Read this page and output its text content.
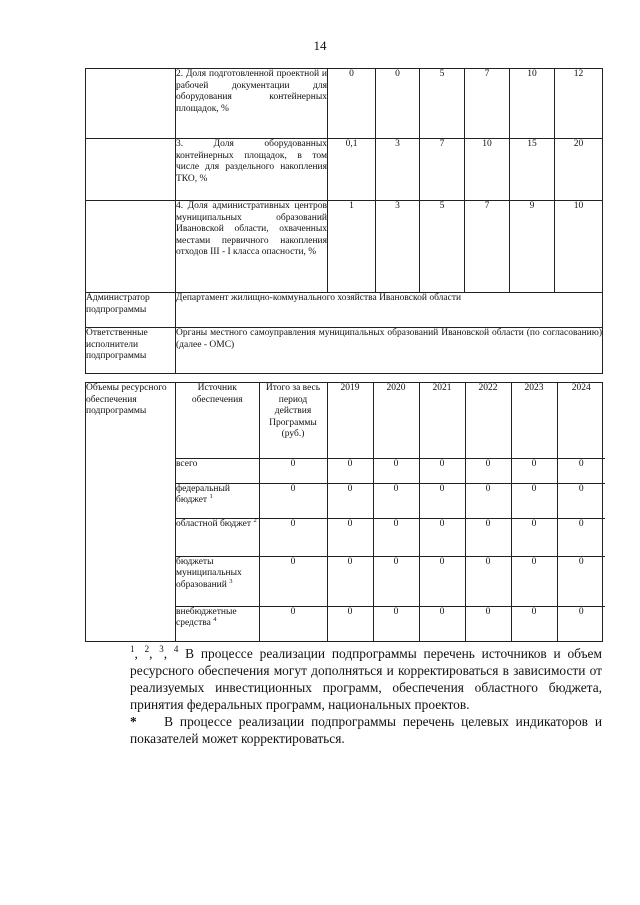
14
	2. Доля подготовленной проектной и рабочей документации для оборудования контейнерных площадок, %	0	0	5	7	10	12
	3. Доля оборудованных контейнерных площадок, в том числе для раздельного накопления ТКО, %	0,1	3	7	10	15	20
	4. Доля административных центров муниципальных образований Ивановской области, охваченных местами первичного накопления отходов III - I класса опасности, %	1	3	5	7	9	10
Администратор подпрограммы	Департамент жилищно-коммунального хозяйства Ивановской области						
Ответственные исполнители подпрограммы	Органы местного самоуправления муниципальных образований Ивановской области (по согласованию) (далее - ОМС)						
Объемы ресурсного обеспечения подпрограммы	
Источник обеспечения	Итого за весь период действия Программы (руб.)	2019	2020	2021	2022	2023	2024
всего	0	0	0	0	0	0	0
федеральный бюджет $^1$	0	0	0	0	0	0	0
областной бюджет $^2$	0	0	0	0	0	0	0
бюджеты муниципальных образований $^3$	0	0	0	0	0	0	0
внебюджетные средства $^4$	0	0	0	0	0	0	0

$^1$, $^2$, $^3$, $^4$ В процессе реализации подпрограммы перечень источников и объем ресурсного обеспечения могут дополняться и корректироваться в зависимости от реализуемых инвестиционных программ, обеспечения областного бюджета, принятия федеральных программ, национальных проектов.

* В процессе реализации подпрограммы перечень целевых индикаторов и показателей может корректироваться.
